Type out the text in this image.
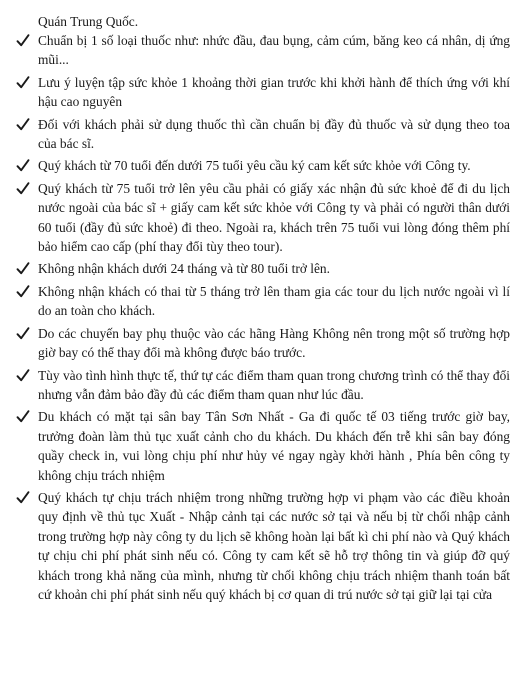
Quán Trung Quốc.
Chuẩn bị 1 số loại thuốc như: nhức đầu, đau bụng, cảm cúm, băng keo cá nhân, dị ứng mũi...
Lưu ý luyện tập sức khỏe 1 khoảng thời gian trước khi khởi hành để thích ứng với khí hậu cao nguyên
Đối với khách phải sử dụng thuốc thì cần chuẩn bị đầy đủ thuốc và sử dụng theo toa của bác sĩ.
Quý khách từ 70 tuổi đến dưới 75 tuổi yêu cầu ký cam kết sức khỏe với Công ty.
Quý khách từ 75 tuổi trở lên yêu cầu phải có giấy xác nhận đủ sức khoẻ để đi du lịch nước ngoài của bác sĩ + giấy cam kết sức khỏe với Công ty và phải có người thân dưới 60 tuổi (đầy đủ sức khoẻ) đi theo. Ngoài ra, khách trên 75 tuổi vui lòng đóng thêm phí bảo hiểm cao cấp (phí thay đổi tùy theo tour).
Không nhận khách dưới 24 tháng và từ 80 tuổi trở lên.
Không nhận khách có thai từ 5 tháng trở lên tham gia các tour du lịch nước ngoài vì lí do an toàn cho khách.
Do các chuyến bay phụ thuộc vào các hãng Hàng Không nên trong một số trường hợp giờ bay có thể thay đổi mà không được báo trước.
Tùy vào tình hình thực tế, thứ tự các điểm tham quan trong chương trình có thể thay đổi nhưng vẫn đảm bảo đầy đủ các điểm tham quan như lúc đầu.
Du khách có mặt tại sân bay Tân Sơn Nhất - Ga đi quốc tế 03 tiếng trước giờ bay, trưởng đoàn làm thủ tục xuất cảnh cho du khách. Du khách đến trễ khi sân bay đóng quầy check in, vui lòng chịu phí như hủy vé ngay ngày khởi hành , Phía bên công ty không chịu trách nhiệm
Quý khách tự chịu trách nhiệm trong những trường hợp vi phạm vào các điều khoản quy định về thủ tục Xuất - Nhập cảnh tại các nước sở tại và nếu bị từ chối nhập cảnh trong trường hợp này công ty du lịch sẽ không hoàn lại bất kì chi phí nào và Quý khách tự chịu chi phí phát sinh nếu có. Công ty cam kết sẽ hỗ trợ thông tin và giúp đỡ quý khách trong khả năng của mình, nhưng từ chối không chịu trách nhiệm thanh toán bất cứ khoản chi phí phát sinh nếu quý khách bị cơ quan di trú nước sở tại giữ lại tại cửa
